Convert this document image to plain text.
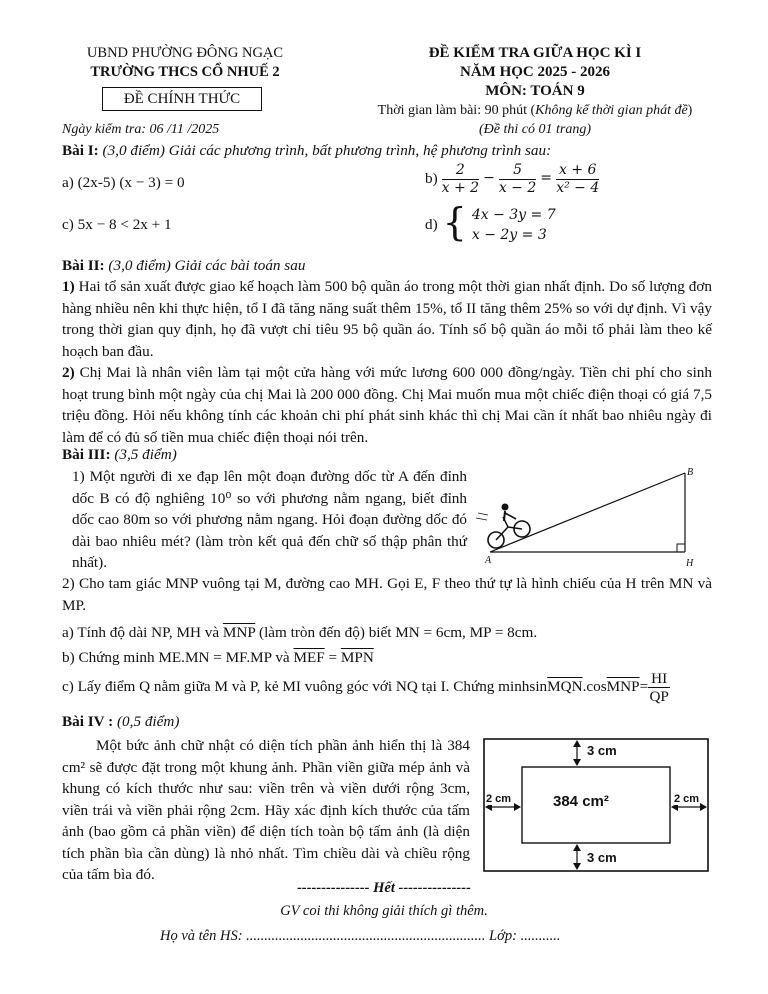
UBND PHƯỜNG ĐÔNG NGẠC
TRƯỜNG THCS CỔ NHUẾ 2
ĐỀ CHÍNH THỨC
Ngày kiểm tra: 06 /11 /2025
ĐỀ KIỂM TRA GIỮA HỌC KÌ I
NĂM HỌC 2025 - 2026
MÔN: TOÁN 9
Thời gian làm bài: 90 phút (Không kể thời gian phát đề)
(Đề thi có 01 trang)
Bài I: (3,0 điểm) Giải các phương trình, bất phương trình, hệ phương trình sau:
a) (2x-5) (x − 3) = 0	$b) \frac{2}{x + 2} - \frac{5}{x - 2} = \frac{x + 6}{\text{x² − 4}}$
c) 5x − 8 < 2x + 1	d) { 4x − 3y = 7
x − 2y = 3
Bài II: (3,0 điểm) Giải các bài toán sau
1) Hai tổ sản xuất được giao kế hoạch làm 500 bộ quần áo trong một thời gian nhất định. Do số lượng đơn hàng nhiều nên khi thực hiện, tổ I đã tăng năng suất thêm 15%, tổ II tăng thêm 25% so với dự định. Vì vậy trong thời gian quy định, họ đã vượt chỉ tiêu 95 bộ quần áo. Tính số bộ quần áo mỗi tổ phải làm theo kế hoạch ban đầu.
2) Chị Mai là nhân viên làm tại một cửa hàng với mức lương 600 000 đồng/ngày. Tiền chi phí cho sinh hoạt trung bình một ngày của chị Mai là 200 000 đồng. Chị Mai muốn mua một chiếc điện thoại có giá 7,5 triệu đồng. Hỏi nếu không tính các khoản chi phí phát sinh khác thì chị Mai cần ít nhất bao nhiêu ngày đi làm để có đủ số tiền mua chiếc điện thoại nói trên.
Bài III: (3,5 điểm)
1) Một người đi xe đạp lên một đoạn đường dốc từ A đến đỉnh dốc B có độ nghiêng 10⁰ so với phương nằm ngang, biết đỉnh dốc cao 80m so với phương nằm ngang. Hỏi đoạn đường dốc đó dài bao nhiêu mét? (làm tròn kết quả đến chữ số thập phân thứ nhất).	A
B
H
2) Cho tam giác MNP vuông tại M, đường cao MH. Gọi E, F theo thứ tự là hình chiếu của H trên MN và MP.
a) Tính độ dài NP, MH và $\overline{MNP}$ (làm tròn đến độ) biết MN = 6cm, MP = 8cm.
b) Chứng minh ME.MN = MF.MP và $\overline{MEF} = \overline{MPN}$
c) Lấy điểm Q nằm giữa M và P, kẻ MI vuông góc với NQ tại I. Chứng minh $\sin \overline{MQN}$ .cos $\overline{MNP} = \frac{HI}{QP}$
Bài IV : (0,5 điểm)
Một bức ảnh chữ nhật có diện tích phần ảnh hiển thị là 384 cm² sẽ được đặt trong một khung ảnh. Phần viền giữa mép ảnh và khung có kích thước như sau: viền trên và viền dưới rộng 3cm, viền trái và viền phải rộng 2cm. Hãy xác định kích thước của tấm ảnh (bao gồm cả phần viền) để diện tích toàn bộ tấm ảnh (là diện tích phần bìa cần dùng) là nhỏ nhất. Tìm chiều dài và chiều rộng của tấm bìa đó.
3 cm
3 cm
2 cm	2 cm
384 cm²
--------------- Hết ---------------
GV coi thi không giải thích gì thêm.
Họ và tên HS: .................................................................. Lớp: ...........
